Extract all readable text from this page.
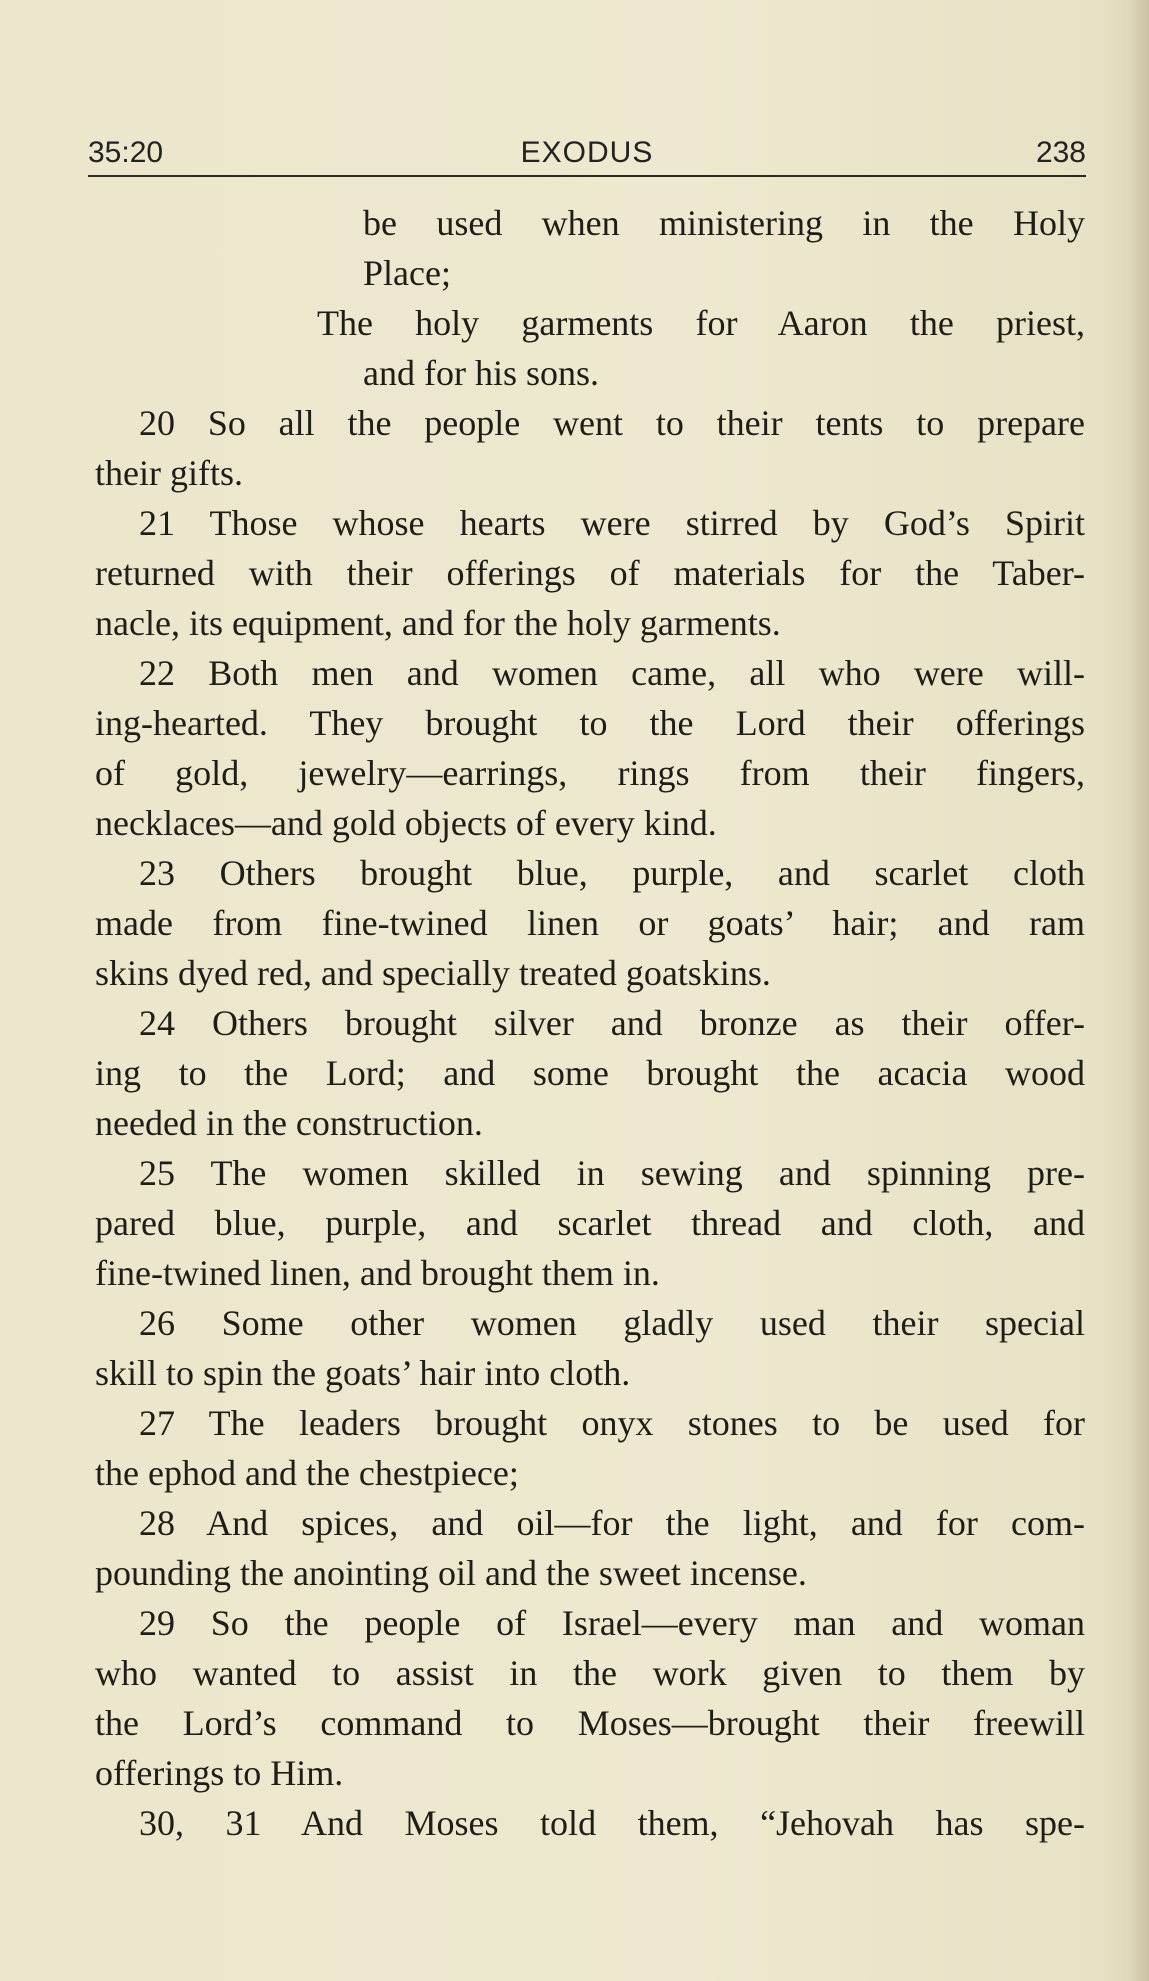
35:20	EXODUS	238
be used when ministering in the Holy
Place;
The holy garments for Aaron the priest,
and for his sons.
20 So all the people went to their tents to prepare
their gifts.
21 Those whose hearts were stirred by God’s Spirit
returned with their offerings of materials for the Taber-
nacle, its equipment, and for the holy garments.
22 Both men and women came, all who were will-
ing-hearted. They brought to the Lord their offerings
of gold, jewelry—earrings, rings from their fingers,
necklaces—and gold objects of every kind.
23 Others brought blue, purple, and scarlet cloth
made from fine-twined linen or goats’ hair; and ram
skins dyed red, and specially treated goatskins.
24 Others brought silver and bronze as their offer-
ing to the Lord; and some brought the acacia wood
needed in the construction.
25 The women skilled in sewing and spinning pre-
pared blue, purple, and scarlet thread and cloth, and
fine-twined linen, and brought them in.
26 Some other women gladly used their special
skill to spin the goats’ hair into cloth.
27 The leaders brought onyx stones to be used for
the ephod and the chestpiece;
28 And spices, and oil—for the light, and for com-
pounding the anointing oil and the sweet incense.
29 So the people of Israel—every man and woman
who wanted to assist in the work given to them by
the Lord’s command to Moses—brought their freewill
offerings to Him.
30, 31 And Moses told them, “Jehovah has spe-
